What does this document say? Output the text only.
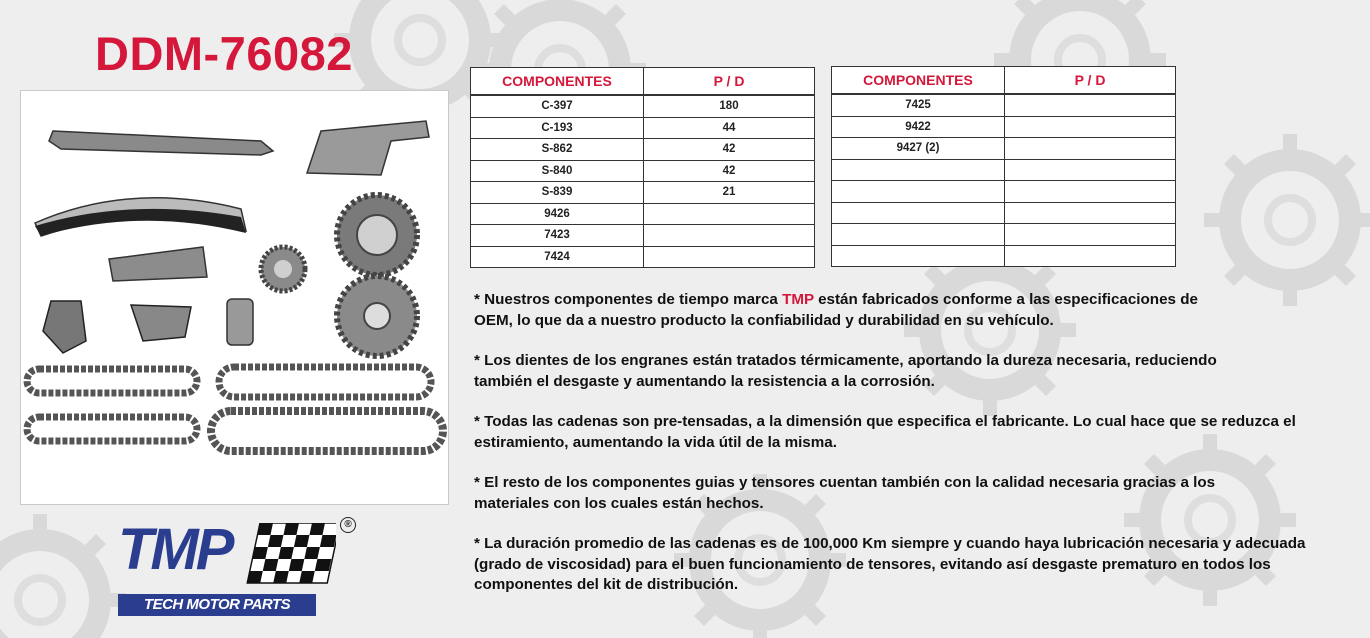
DDM-76082
COMPONENTES	P / D
C-397	180
C-193	44
S-862	42
S-840	42
S-839	21
9426	
7423	
7424	
COMPONENTES	P / D
7425	
9422	
9427 (2)	

* Nuestros componentes de tiempo marca TMP están fabricados conforme a las especificaciones de OEM, lo que da a nuestro producto la confiabilidad y durabilidad en su vehículo.

* Los dientes de los engranes están tratados térmicamente, aportando la dureza necesaria, reduciendo también el desgaste y aumentando la resistencia a la corrosión.

* Todas las cadenas son pre-tensadas, a la dimensión que especifica el fabricante. Lo cual hace que se reduzca el estiramiento, aumentando la vida útil de la misma.

* El resto de los componentes guias y tensores cuentan también con la calidad necesaria gracias a los materiales con los cuales están hechos.

* La duración promedio de las cadenas es de 100,000 Km siempre y cuando haya lubricación necesaria y adecuada (grado de viscosidad) para el buen funcionamiento de tensores, evitando así desgaste prematuro en todos los componentes del kit de distribución.

TMP	®
TECH MOTOR PARTS
